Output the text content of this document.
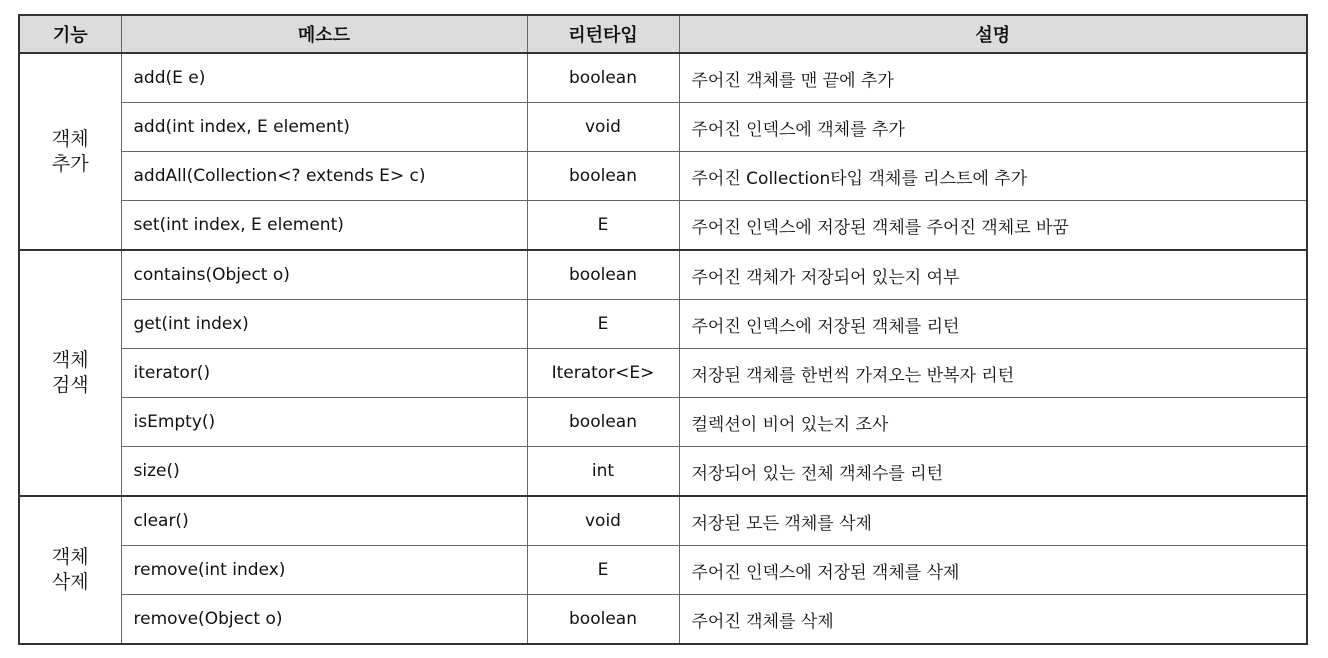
기능	메소드	리턴타입	설명

객체
추가	add(E e)	boolean	주어진 객체를 맨 끝에 추가
	add(int index, E element)	void	주어진 인덱스에 객체를 추가
	addAll(Collection<? extends E> c)	boolean	주어진 Collection타입 객체를 리스트에 추가
	set(int index, E element)	E	주어진 인덱스에 저장된 객체를 주어진 객체로 바꿈

객체
검색	contains(Object o)	boolean	주어진 객체가 저장되어 있는지 여부
	get(int index)	E	주어진 인덱스에 저장된 객체를 리턴
	iterator()	Iterator<E>	저장된 객체를 한번씩 가져오는 반복자 리턴
	isEmpty()	boolean	컬렉션이 비어 있는지 조사
	size()	int	저장되어 있는 전체 객체수를 리턴

객체
삭제	clear()	void	저장된 모든 객체를 삭제
	remove(int index)	E	주어진 인덱스에 저장된 객체를 삭제
	remove(Object o)	boolean	주어진 객체를 삭제
